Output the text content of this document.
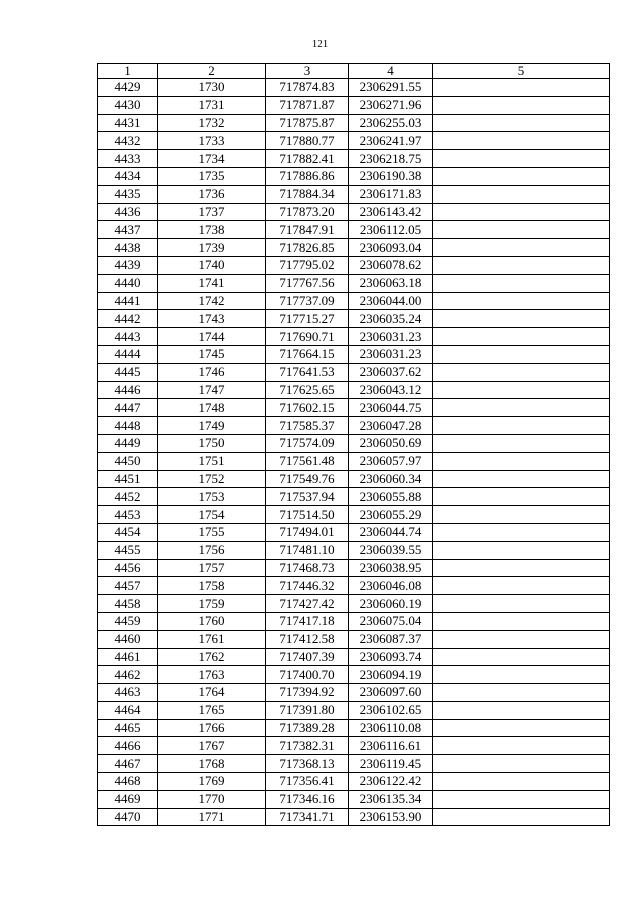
121
1	2	3	4	5
4429	1730	717874.83	2306291.55	
4430	1731	717871.87	2306271.96	
4431	1732	717875.87	2306255.03	
4432	1733	717880.77	2306241.97	
4433	1734	717882.41	2306218.75	
4434	1735	717886.86	2306190.38	
4435	1736	717884.34	2306171.83	
4436	1737	717873.20	2306143.42	
4437	1738	717847.91	2306112.05	
4438	1739	717826.85	2306093.04	
4439	1740	717795.02	2306078.62	
4440	1741	717767.56	2306063.18	
4441	1742	717737.09	2306044.00	
4442	1743	717715.27	2306035.24	
4443	1744	717690.71	2306031.23	
4444	1745	717664.15	2306031.23	
4445	1746	717641.53	2306037.62	
4446	1747	717625.65	2306043.12	
4447	1748	717602.15	2306044.75	
4448	1749	717585.37	2306047.28	
4449	1750	717574.09	2306050.69	
4450	1751	717561.48	2306057.97	
4451	1752	717549.76	2306060.34	
4452	1753	717537.94	2306055.88	
4453	1754	717514.50	2306055.29	
4454	1755	717494.01	2306044.74	
4455	1756	717481.10	2306039.55	
4456	1757	717468.73	2306038.95	
4457	1758	717446.32	2306046.08	
4458	1759	717427.42	2306060.19	
4459	1760	717417.18	2306075.04	
4460	1761	717412.58	2306087.37	
4461	1762	717407.39	2306093.74	
4462	1763	717400.70	2306094.19	
4463	1764	717394.92	2306097.60	
4464	1765	717391.80	2306102.65	
4465	1766	717389.28	2306110.08	
4466	1767	717382.31	2306116.61	
4467	1768	717368.13	2306119.45	
4468	1769	717356.41	2306122.42	
4469	1770	717346.16	2306135.34	
4470	1771	717341.71	2306153.90	
